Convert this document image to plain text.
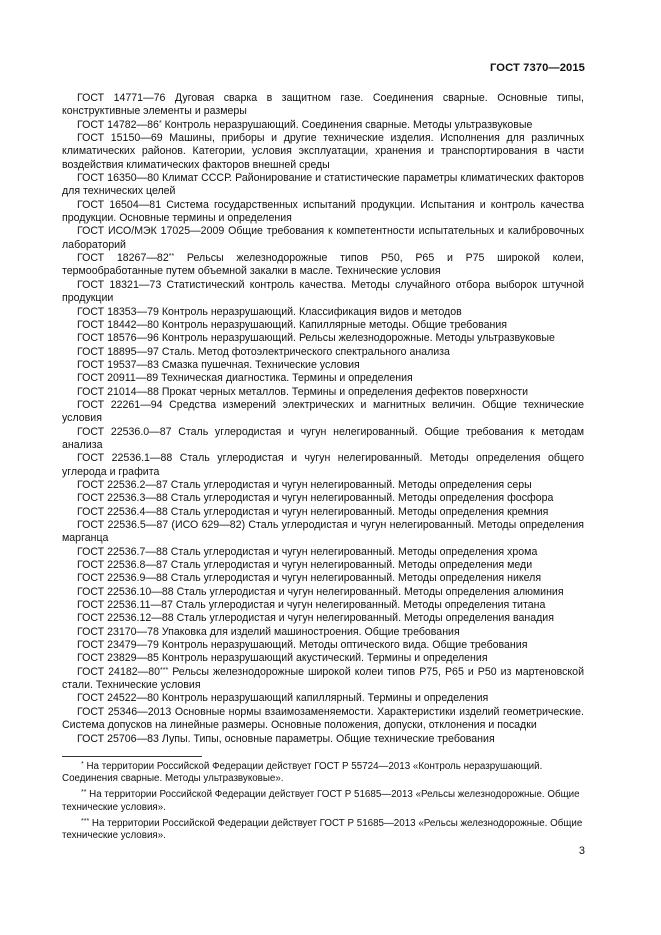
ГОСТ 7370—2015
ГОСТ 14771—76 Дуговая сварка в защитном газе. Соединения сварные. Основные типы, конструктивные элементы и размеры
ГОСТ 14782—86* Контроль неразрушающий. Соединения сварные. Методы ультразвуковые
ГОСТ 15150—69 Машины, приборы и другие технические изделия. Исполнения для различных климатических районов. Категории, условия эксплуатации, хранения и транспортирования в части воздействия климатических факторов внешней среды
ГОСТ 16350—80 Климат СССР. Районирование и статистические параметры климатических факторов для технических целей
ГОСТ 16504—81 Система государственных испытаний продукции. Испытания и контроль качества продукции. Основные термины и определения
ГОСТ ИСО/МЭК 17025—2009 Общие требования к компетентности испытательных и калибровочных лабораторий
ГОСТ 18267—82** Рельсы железнодорожные типов Р50, Р65 и Р75 широкой колеи, термообработанные путем объемной закалки в масле. Технические условия
ГОСТ 18321—73 Статистический контроль качества. Методы случайного отбора выборок штучной продукции
ГОСТ 18353—79 Контроль неразрушающий. Классификация видов и методов
ГОСТ 18442—80 Контроль неразрушающий. Капиллярные методы. Общие требования
ГОСТ 18576—96 Контроль неразрушающий. Рельсы железнодорожные. Методы ультразвуковые
ГОСТ 18895—97 Сталь. Метод фотоэлектрического спектрального анализа
ГОСТ 19537—83 Смазка пушечная. Технические условия
ГОСТ 20911—89 Техническая диагностика. Термины и определения
ГОСТ 21014—88 Прокат черных металлов. Термины и определения дефектов поверхности
ГОСТ 22261—94 Средства измерений электрических и магнитных величин. Общие технические условия
ГОСТ 22536.0—87 Сталь углеродистая и чугун нелегированный. Общие требования к методам анализа
ГОСТ 22536.1—88 Сталь углеродистая и чугун нелегированный. Методы определения общего углерода и графита
ГОСТ 22536.2—87 Сталь углеродистая и чугун нелегированный. Методы определения серы
ГОСТ 22536.3—88 Сталь углеродистая и чугун нелегированный. Методы определения фосфора
ГОСТ 22536.4—88 Сталь углеродистая и чугун нелегированный. Методы определения кремния
ГОСТ 22536.5—87 (ИСО 629—82) Сталь углеродистая и чугун нелегированный. Методы определения марганца
ГОСТ 22536.7—88 Сталь углеродистая и чугун нелегированный. Методы определения хрома
ГОСТ 22536.8—87 Сталь углеродистая и чугун нелегированный. Методы определения меди
ГОСТ 22536.9—88 Сталь углеродистая и чугун нелегированный. Методы определения никеля
ГОСТ 22536.10—88 Сталь углеродистая и чугун нелегированный. Методы определения алюминия
ГОСТ 22536.11—87 Сталь углеродистая и чугун нелегированный. Методы определения титана
ГОСТ 22536.12—88 Сталь углеродистая и чугун нелегированный. Методы определения ванадия
ГОСТ 23170—78 Упаковка для изделий машиностроения. Общие требования
ГОСТ 23479—79 Контроль неразрушающий. Методы оптического вида. Общие требования
ГОСТ 23829—85 Контроль неразрушающий акустический. Термины и определения
ГОСТ 24182—80*** Рельсы железнодорожные широкой колеи типов Р75, Р65 и Р50 из мартеновской стали. Технические условия
ГОСТ 24522—80 Контроль неразрушающий капиллярный. Термины и определения
ГОСТ 25346—2013 Основные нормы взаимозаменяемости. Характеристики изделий геометрические. Система допусков на линейные размеры. Основные положения, допуски, отклонения и посадки
ГОСТ 25706—83 Лупы. Типы, основные параметры. Общие технические требования
* На территории Российской Федерации действует ГОСТ Р 55724—2013 «Контроль неразрушающий. Соединения сварные. Методы ультразвуковые».
** На территории Российской Федерации действует ГОСТ Р 51685—2013 «Рельсы железнодорожные. Общие технические условия».
*** На территории Российской Федерации действует ГОСТ Р 51685—2013 «Рельсы железнодорожные. Общие технические условия».
3
